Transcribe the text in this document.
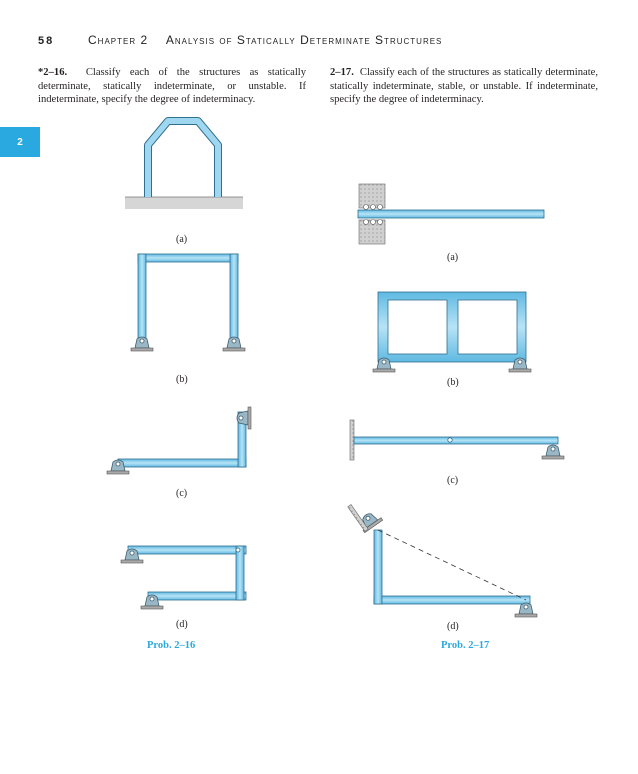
58	Chapter 2 Analysis of Statically Determinate Structures
2
*2–16. Classify each of the structures as statically determinate, statically indeterminate, or unstable. If indeterminate, specify the degree of indeterminacy.
2–17. Classify each of the structures as statically determinate, statically indeterminate, stable, or unstable. If indeterminate, specify the degree of indeterminacy.
(a)
(b)
(c)
(d)
(a)
(b)
(c)
(d)
Prob. 2–16	Prob. 2–17
